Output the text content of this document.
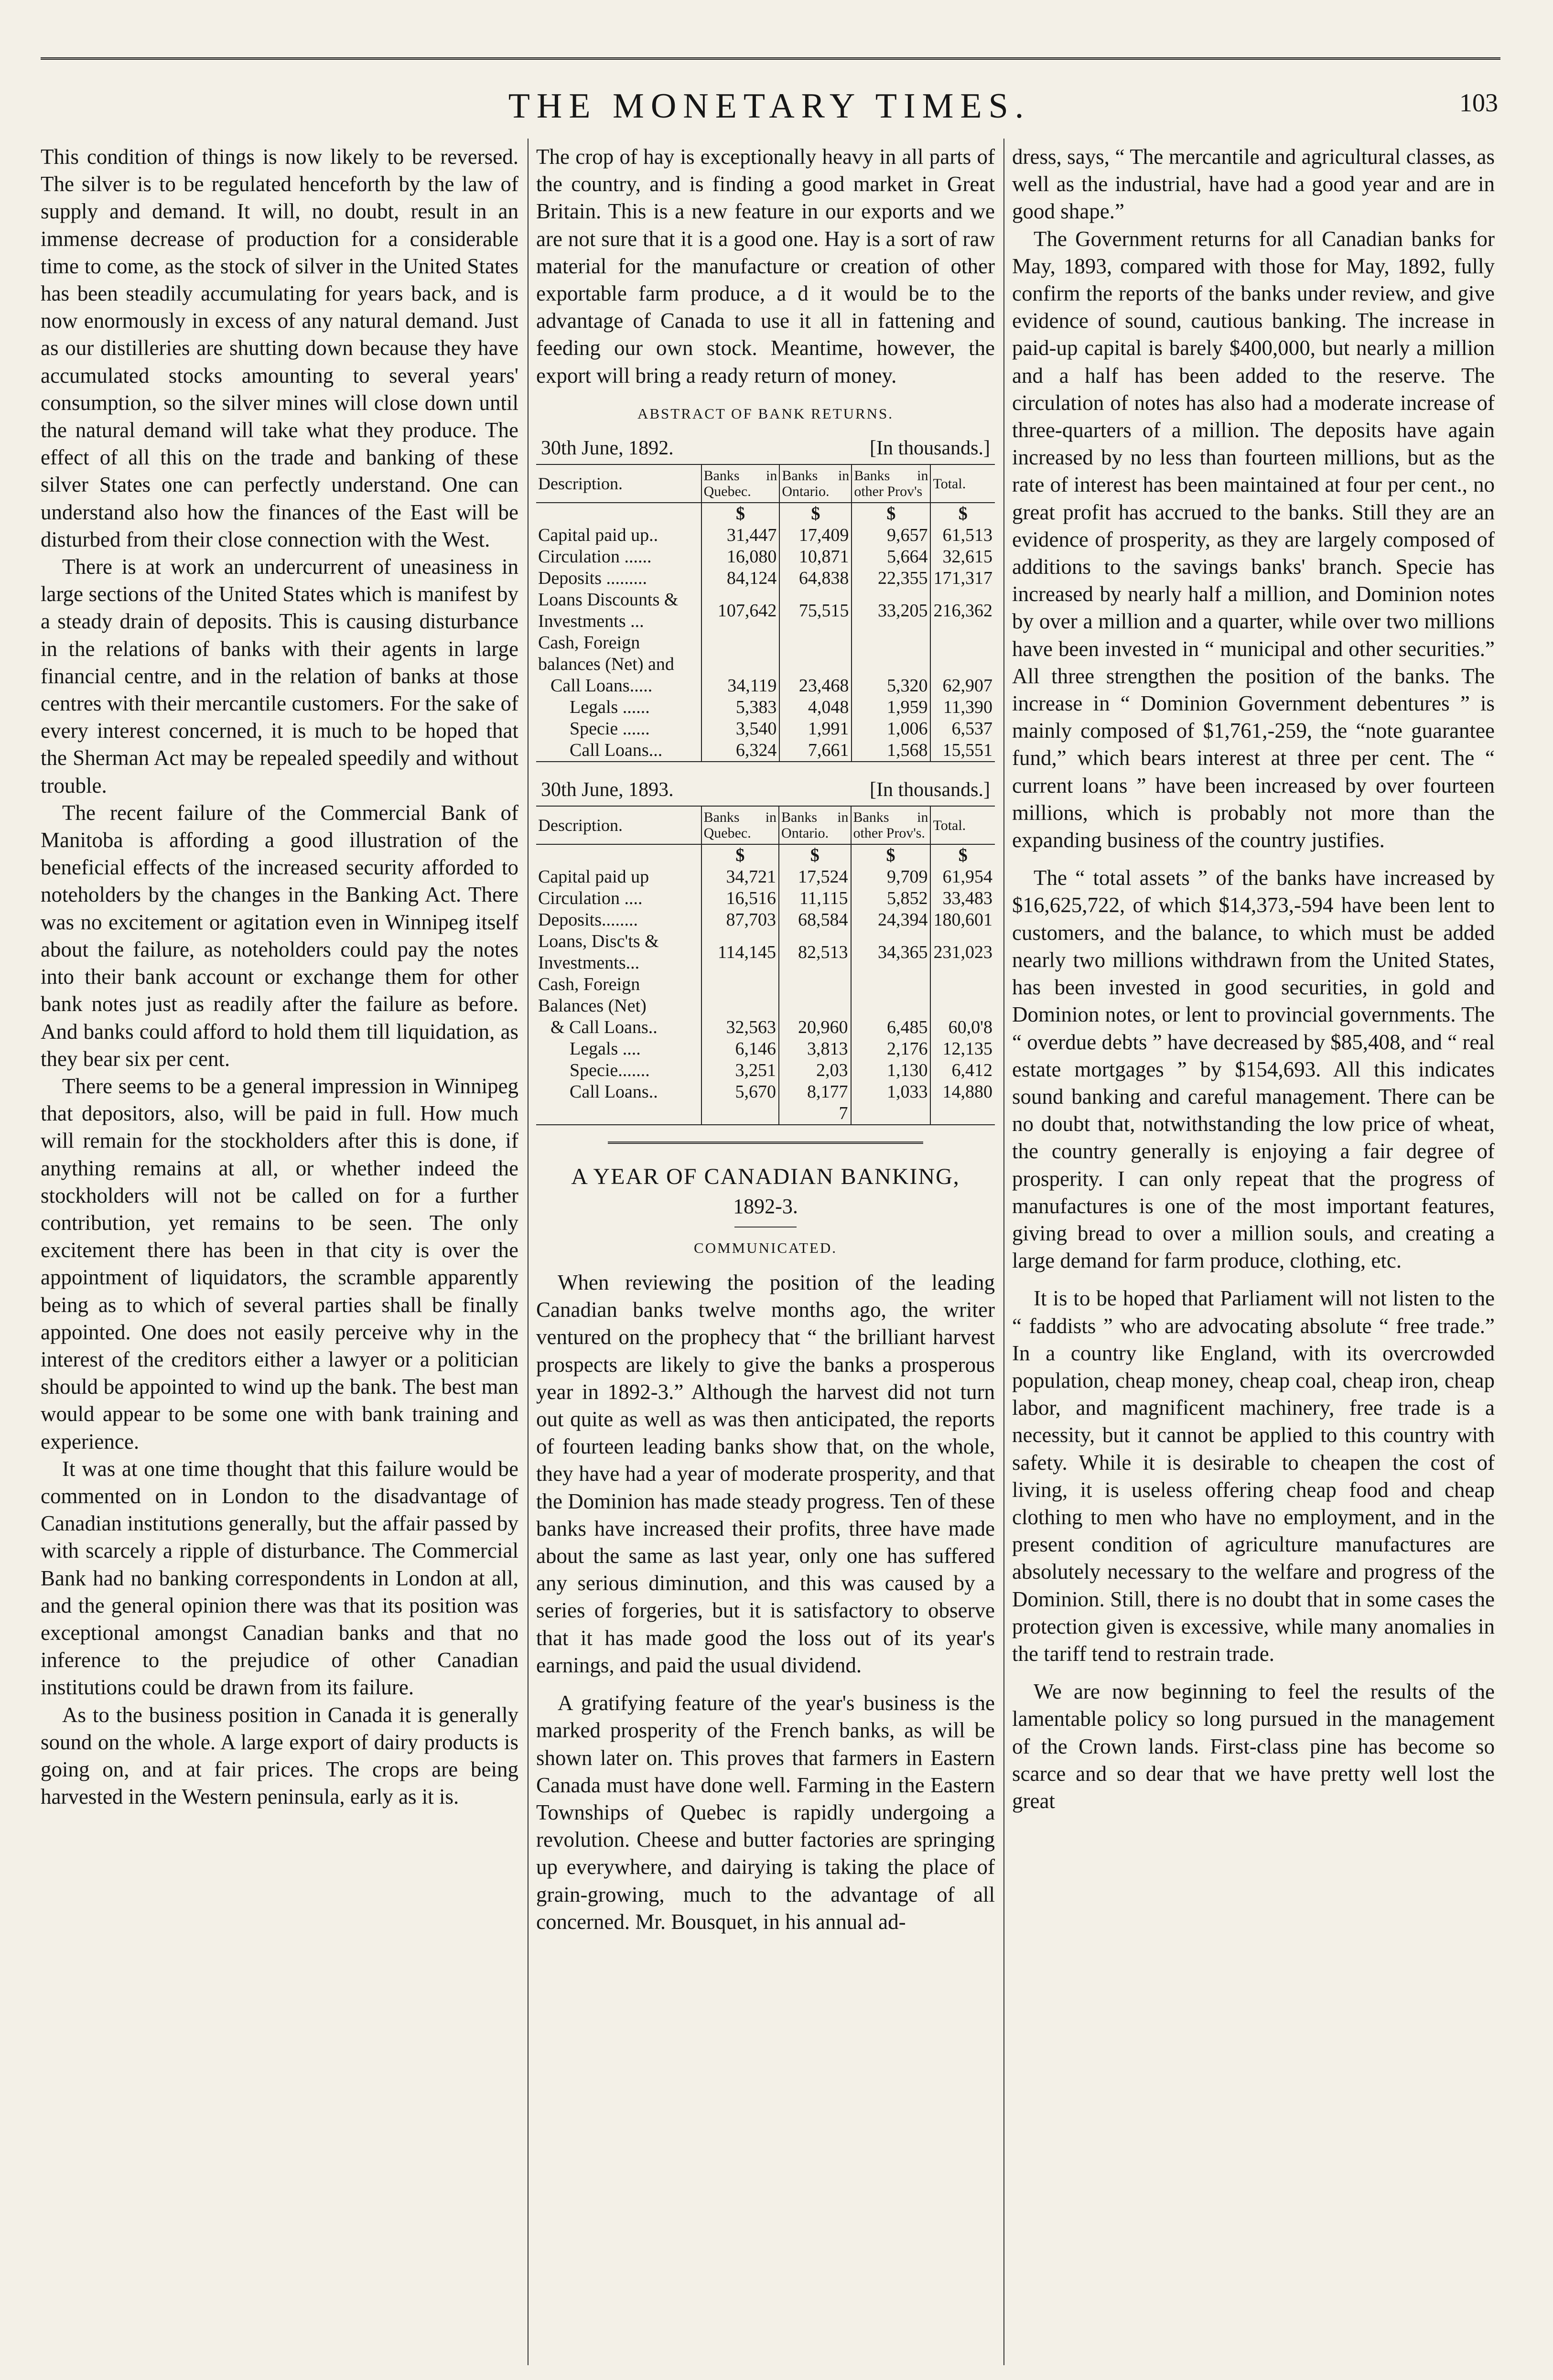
THE MONETARY TIMES.	103

This condition of things is now likely to be reversed. The silver is to be regulated henceforth by the law of supply and demand. It will, no doubt, result in an immense decrease of production for a considerable time to come, as the stock of silver in the United States has been steadily accumulating for years back, and is now enormously in excess of any natural demand. Just as our distilleries are shutting down because they have accumulated stocks amounting to several years' consumption, so the silver mines will close down until the natural demand will take what they produce. The effect of all this on the trade and banking of these silver States one can perfectly understand. One can understand also how the finances of the East will be disturbed from their close connection with the West.

There is at work an undercurrent of uneasiness in large sections of the United States which is manifest by a steady drain of deposits. This is causing disturbance in the relations of banks with their agents in large financial centre, and in the relation of banks at those centres with their mercantile customers. For the sake of every interest concerned, it is much to be hoped that the Sherman Act may be repealed speedily and without trouble.

The recent failure of the Commercial Bank of Manitoba is affording a good illustration of the beneficial effects of the increased security afforded to noteholders by the changes in the Banking Act. There was no excitement or agitation even in Winnipeg itself about the failure, as noteholders could pay the notes into their bank account or exchange them for other bank notes just as readily after the failure as before. And banks could afford to hold them till liquidation, as they bear six per cent.

There seems to be a general impression in Winnipeg that depositors, also, will be paid in full. How much will remain for the stockholders after this is done, if anything remains at all, or whether indeed the stockholders will not be called on for a further contribution, yet remains to be seen. The only excitement there has been in that city is over the appointment of liquidators, the scramble apparently being as to which of several parties shall be finally appointed. One does not easily perceive why in the interest of the creditors either a lawyer or a politician should be appointed to wind up the bank. The best man would appear to be some one with bank training and experience.

It was at one time thought that this failure would be commented on in London to the disadvantage of Canadian institutions generally, but the affair passed by with scarcely a ripple of disturbance. The Commercial Bank had no banking correspondents in London at all, and the general opinion there was that its position was exceptional amongst Canadian banks and that no inference to the prejudice of other Canadian institutions could be drawn from its failure.

As to the business position in Canada it is generally sound on the whole. A large export of dairy products is going on, and at fair prices. The crops are being harvested in the Western peninsula, early as it is.

The crop of hay is exceptionally heavy in all parts of the country, and is finding a good market in Great Britain. This is a new feature in our exports and we are not sure that it is a good one. Hay is a sort of raw material for the manufacture or creation of other exportable farm produce, a d it would be to the advantage of Canada to use it all in fattening and feeding our own stock. Meantime, however, the export will bring a ready return of money.

ABSTRACT OF BANK RETURNS.
30th June, 1892.	[In thousands.]
Description.	Banks in Quebec.	Banks in Ontario.	Banks in other Prov's	Total.
	$	$	$	$
Capital paid up..	31,447	17,409	9,657	61,513
Circulation ......	16,080	10,871	5,664	32,615
Deposits .........	84,124	64,838	22,355	171,317
Loans Discounts & Investments ...	107,642	75,515	33,205	216,362
Cash, Foreign balances (Net) and				
Call Loans.....	34,119	23,468	5,320	62,907
Legals ......	5,383	4,048	1,959	11,390
Specie ......	3,540	1,991	1,006	6,537
Call Loans...	6,324	7,661	1,568	15,551
30th June, 1893.	[In thousands.]
Description.	Banks in Quebec.	Banks in Ontario.	Banks in other Prov's.	Total.
	$	$	$	$
Capital paid up	34,721	17,524	9,709	61,954
Circulation ....	16,516	11,115	5,852	33,483
Deposits........	87,703	68,584	24,394	180,601
Loans, Disc'ts & Investments...	114,145	82,513	34,365	231,023
Cash, Foreign Balances (Net)				
& Call Loans..	32,563	20,960	6,485	60,0'8
Legals ....	6,146	3,813	2,176	12,135
Specie.......	3,251	2,03	1,130	6,412
Call Loans..	5,670	8,177	1,033	14,880
		7		
A YEAR OF CANADIAN BANKING,
1892-3.
COMMUNICATED.

When reviewing the position of the leading Canadian banks twelve months ago, the writer ventured on the prophecy that “ the brilliant harvest prospects are likely to give the banks a prosperous year in 1892-3.” Although the harvest did not turn out quite as well as was then anticipated, the reports of fourteen leading banks show that, on the whole, they have had a year of moderate prosperity, and that the Dominion has made steady progress. Ten of these banks have increased their profits, three have made about the same as last year, only one has suffered any serious diminution, and this was caused by a series of forgeries, but it is satisfactory to observe that it has made good the loss out of its year's earnings, and paid the usual dividend.

A gratifying feature of the year's business is the marked prosperity of the French banks, as will be shown later on. This proves that farmers in Eastern Canada must have done well. Farming in the Eastern Townships of Quebec is rapidly undergoing a revolution. Cheese and butter factories are springing up everywhere, and dairying is taking the place of grain-growing, much to the advantage of all concerned. Mr. Bousquet, in his annual ad-

dress, says, “ The mercantile and agricultural classes, as well as the industrial, have had a good year and are in good shape.”

The Government returns for all Canadian banks for May, 1893, compared with those for May, 1892, fully confirm the reports of the banks under review, and give evidence of sound, cautious banking. The increase in paid-up capital is barely $400,000, but nearly a million and a half has been added to the reserve. The circulation of notes has also had a moderate increase of three-quarters of a million. The deposits have again increased by no less than fourteen millions, but as the rate of interest has been maintained at four per cent., no great profit has accrued to the banks. Still they are an evidence of prosperity, as they are largely composed of additions to the savings banks' branch. Specie has increased by nearly half a million, and Dominion notes by over a million and a quarter, while over two millions have been invested in “ municipal and other securities.” All three strengthen the position of the banks. The increase in “ Dominion Government debentures ” is mainly composed of $1,761,-259, the “note guarantee fund,” which bears interest at three per cent. The “ current loans ” have been increased by over fourteen millions, which is probably not more than the expanding business of the country justifies.

The “ total assets ” of the banks have increased by $16,625,722, of which $14,373,-594 have been lent to customers, and the balance, to which must be added nearly two millions withdrawn from the United States, has been invested in good securities, in gold and Dominion notes, or lent to provincial governments. The “ overdue debts ” have decreased by $85,408, and “ real estate mortgages ” by $154,693. All this indicates sound banking and careful management. There can be no doubt that, notwithstanding the low price of wheat, the country generally is enjoying a fair degree of prosperity. I can only repeat that the progress of manufactures is one of the most important features, giving bread to over a million souls, and creating a large demand for farm produce, clothing, etc.

It is to be hoped that Parliament will not listen to the “ faddists ” who are advocating absolute “ free trade.” In a country like England, with its overcrowded population, cheap money, cheap coal, cheap iron, cheap labor, and magnificent machinery, free trade is a necessity, but it cannot be applied to this country with safety. While it is desirable to cheapen the cost of living, it is useless offering cheap food and cheap clothing to men who have no employment, and in the present condition of agriculture manufactures are absolutely necessary to the welfare and progress of the Dominion. Still, there is no doubt that in some cases the protection given is excessive, while many anomalies in the tariff tend to restrain trade.

We are now beginning to feel the results of the lamentable policy so long pursued in the management of the Crown lands. First-class pine has become so scarce and so dear that we have pretty well lost the great
